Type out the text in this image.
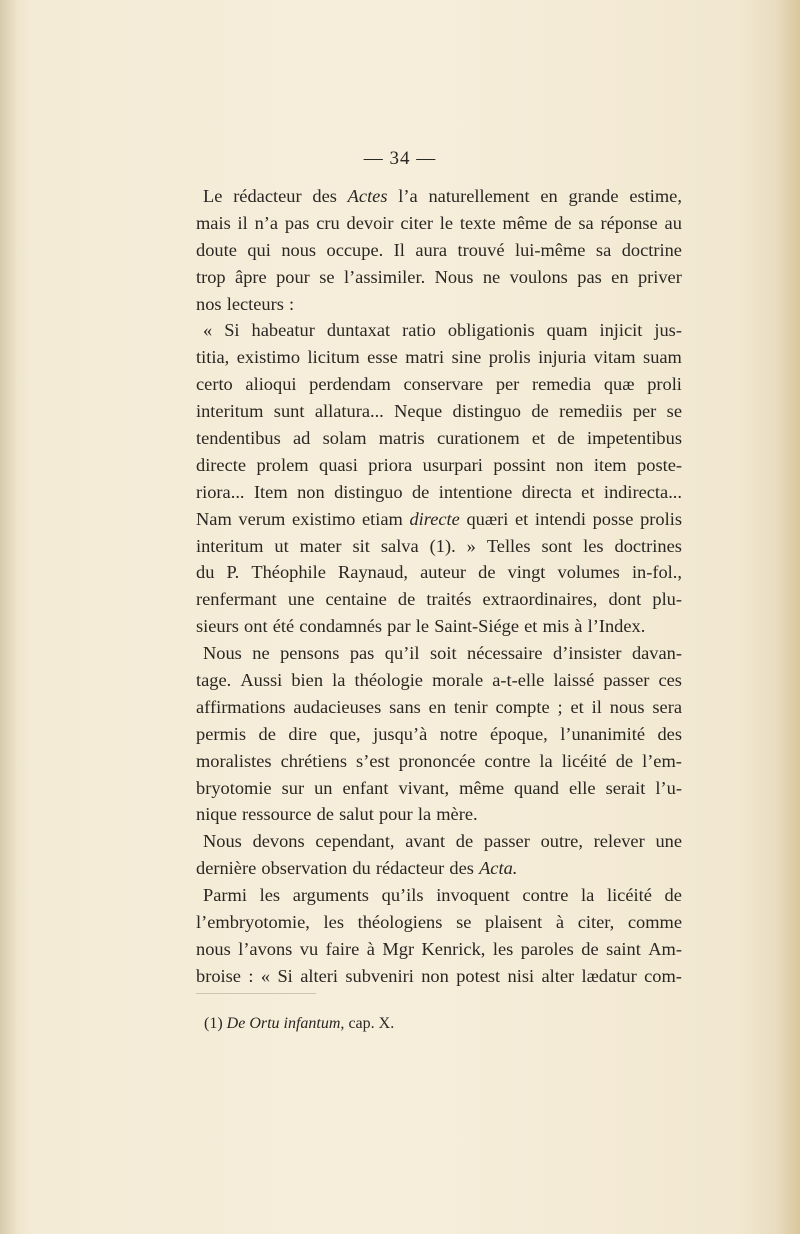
— 34 —
Le rédacteur des Actes l’a naturellement en grande estime,
mais il n’a pas cru devoir citer le texte même de sa réponse au
doute qui nous occupe. Il aura trouvé lui-même sa doctrine
trop âpre pour se l’assimiler. Nous ne voulons pas en priver
nos lecteurs :
« Si habeatur duntaxat ratio obligationis quam injicit jus-
titia, existimo licitum esse matri sine prolis injuria vitam suam
certo alioqui perdendam conservare per remedia quæ proli
interitum sunt allatura... Neque distinguo de remediis per se
tendentibus ad solam matris curationem et de impetentibus
directe prolem quasi priora usurpari possint non item poste-
riora... Item non distinguo de intentione directa et indirecta...
Nam verum existimo etiam directe quæri et intendi posse prolis
interitum ut mater sit salva (1). » Telles sont les doctrines
du P. Théophile Raynaud, auteur de vingt volumes in-fol.,
renfermant une centaine de traités extraordinaires, dont plu-
sieurs ont été condamnés par le Saint-Siége et mis à l’Index.
Nous ne pensons pas qu’il soit nécessaire d’insister davan-
tage. Aussi bien la théologie morale a-t-elle laissé passer ces
affirmations audacieuses sans en tenir compte ; et il nous sera
permis de dire que, jusqu’à notre époque, l’unanimité des
moralistes chrétiens s’est prononcée contre la licéité de l’em-
bryotomie sur un enfant vivant, même quand elle serait l’u-
nique ressource de salut pour la mère.
Nous devons cependant, avant de passer outre, relever une
dernière observation du rédacteur des Acta.
Parmi les arguments qu’ils invoquent contre la licéité de
l’embryotomie, les théologiens se plaisent à citer, comme
nous l’avons vu faire à Mgr Kenrick, les paroles de saint Am-
broise : « Si alteri subveniri non potest nisi alter lædatur com-
(1) De Ortu infantum, cap. X.
